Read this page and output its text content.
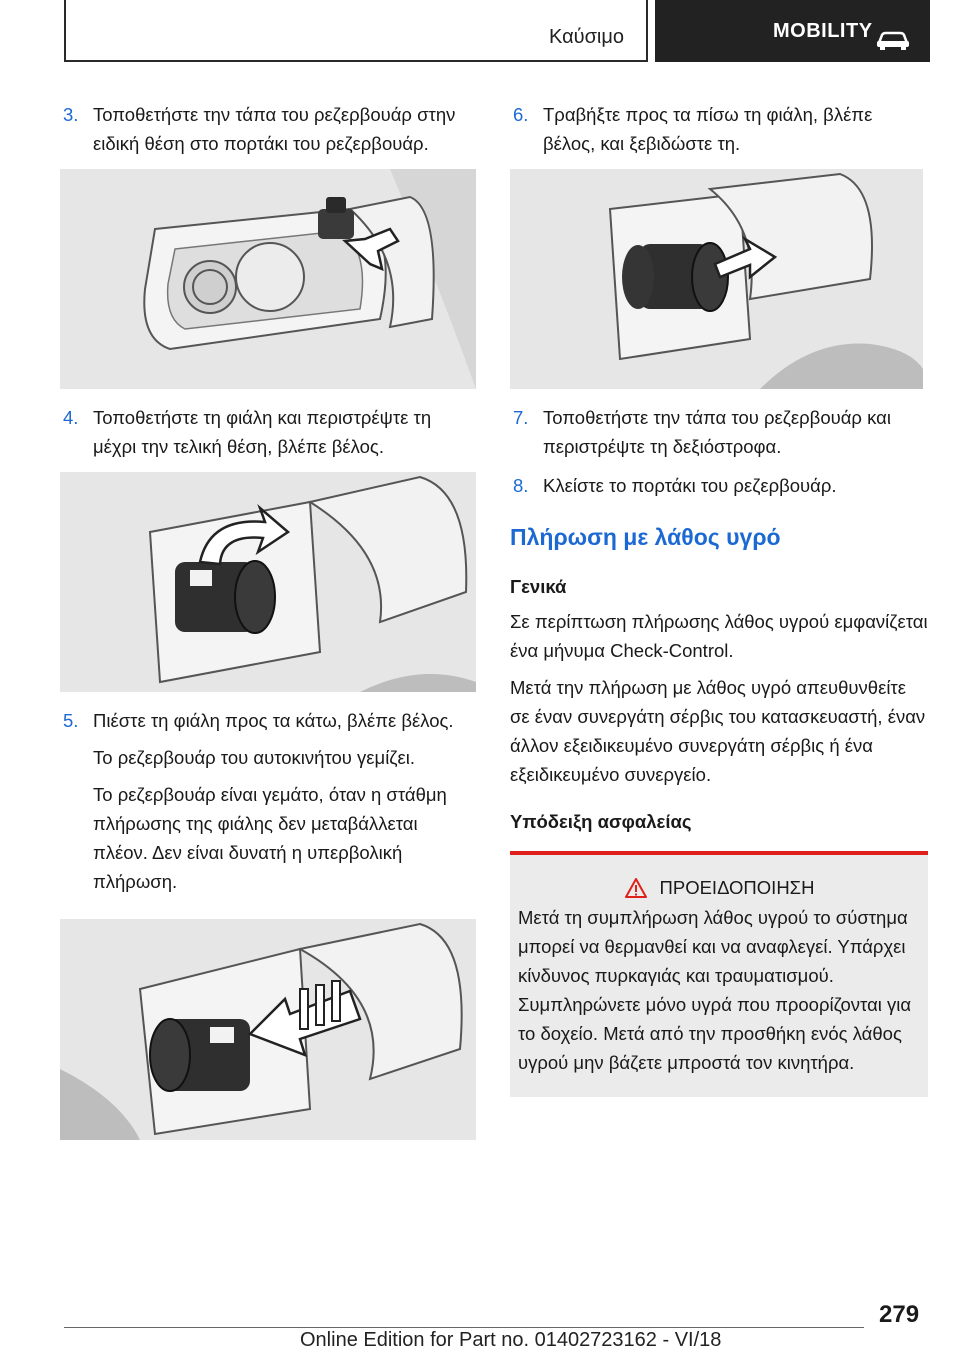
Καύσιμο	MOBILITY

3. Τοποθετήστε την τάπα του ρεζερβουάρ στην ειδική θέση στο πορτάκι του ρεζερβουάρ.

4. Τοποθετήστε τη φιάλη και περιστρέψτε τη μέχρι την τελική θέση, βλέπε βέλος.

5. Πιέστε τη φιάλη προς τα κάτω, βλέπε βέλος.

Το ρεζερβουάρ του αυτοκινήτου γεμίζει.

Το ρεζερβουάρ είναι γεμάτο, όταν η στάθμη πλήρωσης της φιάλης δεν μεταβάλλεται πλέον. Δεν είναι δυνατή η υπερβολική πλήρωση.

6. Τραβήξτε προς τα πίσω τη φιάλη, βλέπε βέλος, και ξεβιδώστε τη.

7. Τοποθετήστε την τάπα του ρεζερβουάρ και περιστρέψτε τη δεξιόστροφα.

8. Κλείστε το πορτάκι του ρεζερβουάρ.

Πλήρωση με λάθος υγρό
Γενικά

Σε περίπτωση πλήρωσης λάθος υγρού εμφανίζεται ένα μήνυμα Check-Control.

Μετά την πλήρωση με λάθος υγρό απευθυνθείτε σε έναν συνεργάτη σέρβις του κατασκευαστή, έναν άλλον εξειδικευμένο συνεργάτη σέρβις ή ένα εξειδικευμένο συνεργείο.

Υπόδειξη ασφαλείας
ΠΡΟΕΙΔΟΠΟΙΗΣΗ

Μετά τη συμπλήρωση λάθος υγρού το σύστημα μπορεί να θερμανθεί και να αναφλεγεί. Υπάρχει κίνδυνος πυρκαγιάς και τραυματισμού. Συμπληρώνετε μόνο υγρά που προορίζονται για το δοχείο. Μετά από την προσθήκη ενός λάθος υγρού μην βάζετε μπροστά τον κινητήρα.

279
Online Edition for Part no. 01402723162 - VI/18
